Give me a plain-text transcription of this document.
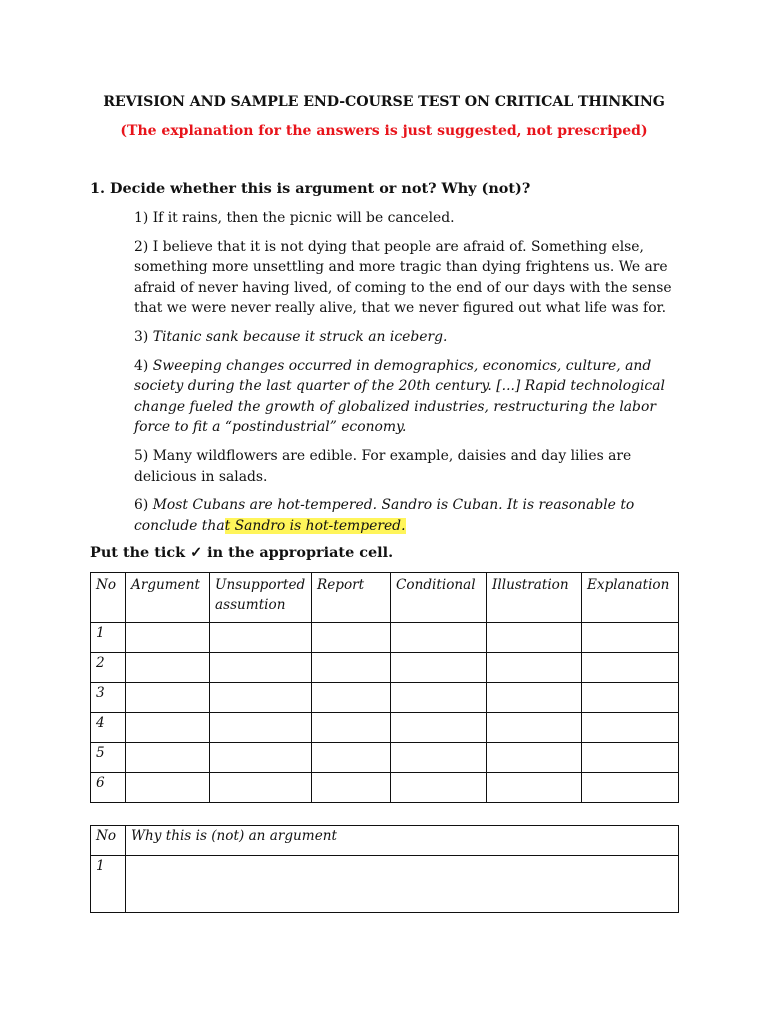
REVISION AND SAMPLE END-COURSE TEST ON CRITICAL THINKING
(The explanation for the answers is just suggested, not prescriped)
1. Decide whether this is argument or not? Why (not)?
1) If it rains, then the picnic will be canceled.
2) I believe that it is not dying that people are afraid of. Something else, something more unsettling and more tragic than dying frightens us. We are afraid of never having lived, of coming to the end of our days with the sense that we were never really alive, that we never figured out what life was for.
3) Titanic sank because it struck an iceberg.
4) Sweeping changes occurred in demographics, economics, culture, and society during the last quarter of the 20th century. [...] Rapid technological change fueled the growth of globalized industries, restructuring the labor force to fit a “postindustrial” economy.
5) Many wildflowers are edible. For example, daisies and day lilies are delicious in salads.
6) Most Cubans are hot-tempered. Sandro is Cuban. It is reasonable to conclude that Sandro is hot-tempered.
Put the tick ✓ in the appropriate cell.
No	Argument	Unsupported assumtion	Report	Conditional	Illustration	Explanation
1						
2						
3						
4						
5						
6						
No	Why this is (not) an argument
1	
